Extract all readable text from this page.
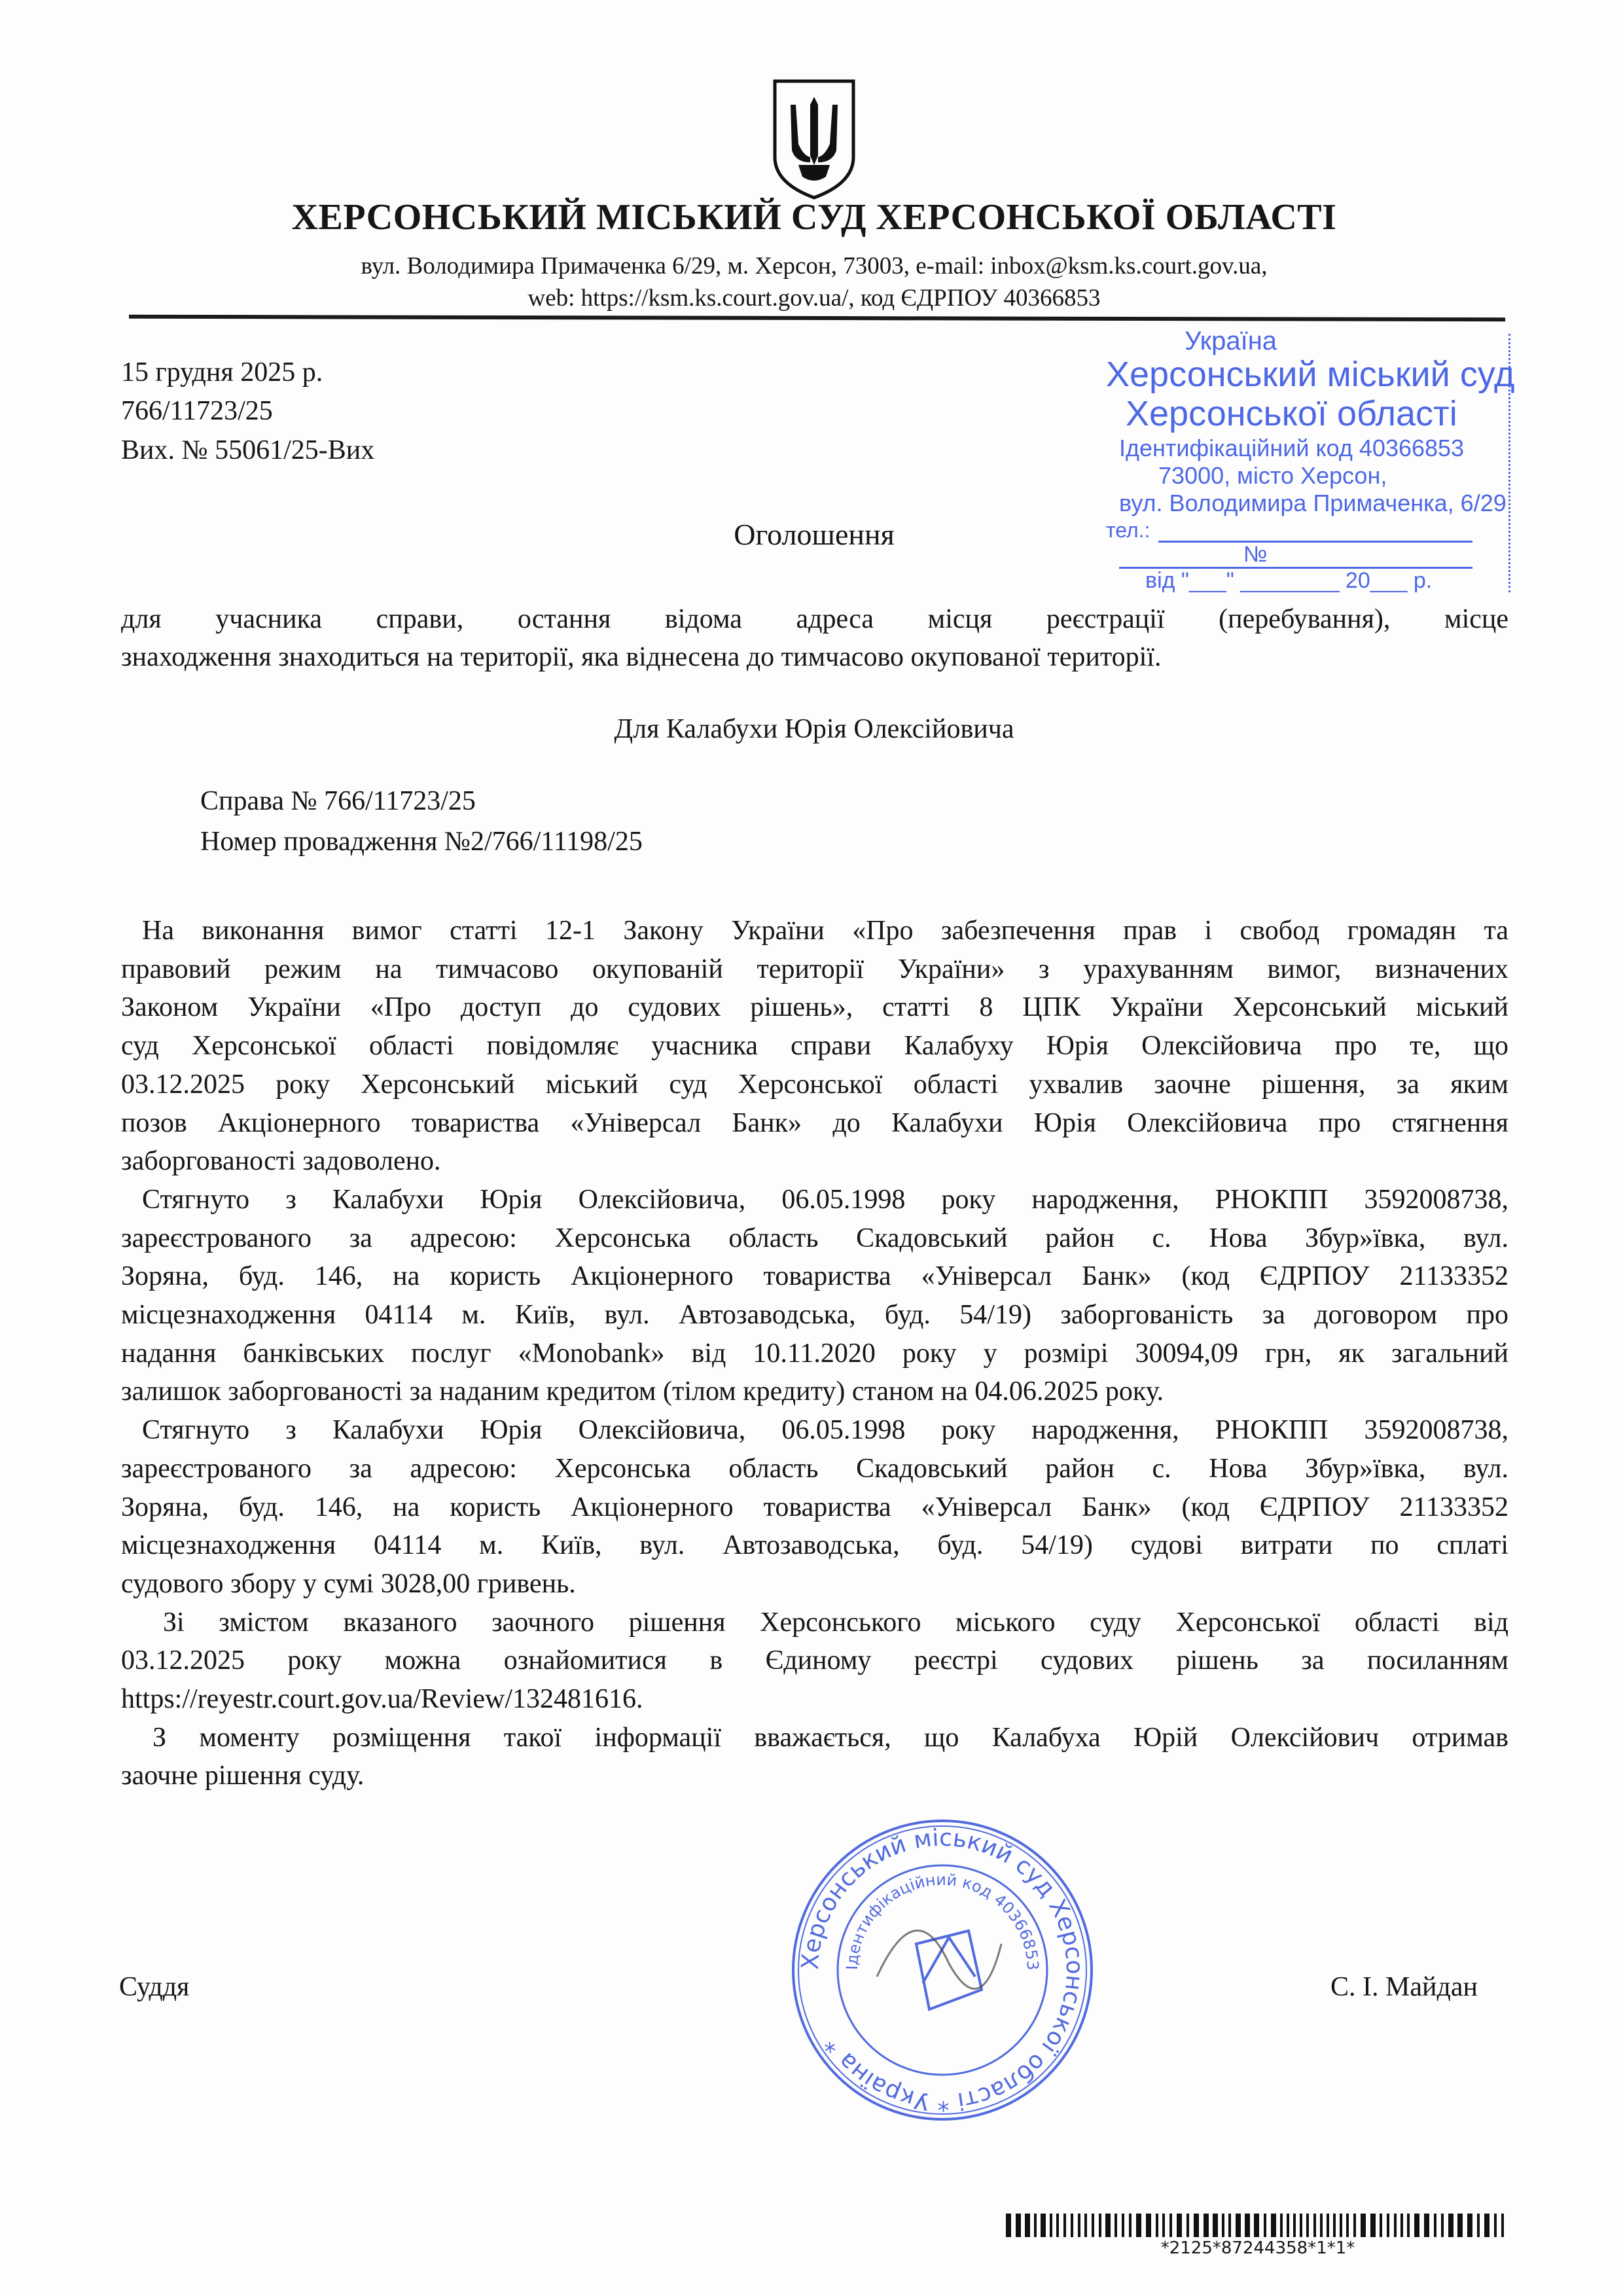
ХЕРСОНСЬКИЙ МІСЬКИЙ СУД ХЕРСОНСЬКОЇ ОБЛАСТІ
вул. Володимира Примаченка 6/29, м. Херсон, 73003, e-mail: inbox@ksm.ks.court.gov.ua,
web: https://ksm.ks.court.gov.ua/, код ЄДРПОУ 40366853
Україна
Херсонський міський суд
Херсонської області
Ідентифікаційний код 40366853
73000, місто Херсон,
вул. Володимира Примаченка, 6/29
тел.:
№
від "___" ________ 20___ р.
15 грудня 2025 р.
766/11723/25
Вих. № 55061/25-Вих
Оголошення
для учасника справи, остання відома адреса місця реєстрації (перебування), місце
знаходження знаходиться на території, яка віднесена до тимчасово окупованої території.
Для Калабухи Юрія Олексійовича
Справа № 766/11723/25
Номер провадження №2/766/11198/25
На виконання вимог статті 12-1 Закону України «Про забезпечення прав і свобод громадян та
правовий режим на тимчасово окупованій території України» з урахуванням вимог, визначених
Законом України «Про доступ до судових рішень», статті 8 ЦПК України Херсонський міський
суд Херсонської області повідомляє учасника справи Калабуху Юрія Олексійовича про те, що
03.12.2025 року Херсонський міський суд Херсонської області ухвалив заочне рішення, за яким
позов Акціонерного товариства «Універсал Банк» до Калабухи Юрія Олексійовича про стягнення
заборгованості задоволено.
Стягнуто з Калабухи Юрія Олексійовича, 06.05.1998 року народження, РНОКПП 3592008738,
зареєстрованого за адресою: Херсонська область Скадовський район с. Нова Збур»ївка, вул.
Зоряна, буд. 146, на користь Акціонерного товариства «Універсал Банк» (код ЄДРПОУ 21133352
місцезнаходження 04114 м. Київ, вул. Автозаводська, буд. 54/19) заборгованість за договором про
надання банківських послуг «Monobank» від 10.11.2020 року у розмірі 30094,09 грн, як загальний
залишок заборгованості за наданим кредитом (тілом кредиту) станом на 04.06.2025 року.
Стягнуто з Калабухи Юрія Олексійовича, 06.05.1998 року народження, РНОКПП 3592008738,
зареєстрованого за адресою: Херсонська область Скадовський район с. Нова Збур»ївка, вул.
Зоряна, буд. 146, на користь Акціонерного товариства «Універсал Банк» (код ЄДРПОУ 21133352
місцезнаходження 04114 м. Київ, вул. Автозаводська, буд. 54/19) судові витрати по сплаті
судового збору у сумі 3028,00 гривень.
Зі змістом вказаного заочного рішення Херсонського міського суду Херсонської області від
03.12.2025 року можна ознайомитися в Єдиному реєстрі судових рішень за посиланням
https://reyestr.court.gov.ua/Review/132481616.
З моменту розміщення такої інформації вважається, що Калабуха Юрій Олексійович отримав
заочне рішення суду.
Херсонський міський суд Херсонської області * Україна *
Ідентифікаційний код 40366853
Суддя	С. І. Майдан
*2125*87244358*1*1*
